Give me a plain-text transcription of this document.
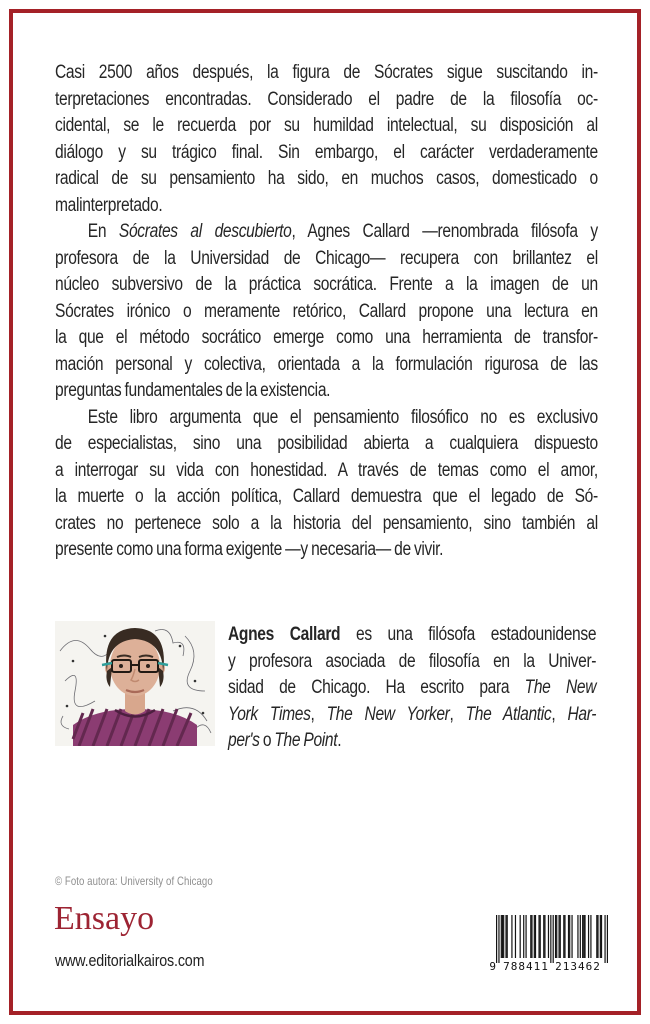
Casi 2500 años después, la figura de Sócrates sigue suscitando in-
terpretaciones encontradas. Considerado el padre de la filosofía oc-
cidental, se le recuerda por su humildad intelectual, su disposición al
diálogo y su trágico final. Sin embargo, el carácter verdaderamente
radical de su pensamiento ha sido, en muchos casos, domesticado o
malinterpretado.
En Sócrates al descubierto, Agnes Callard —renombrada filósofa y
profesora de la Universidad de Chicago— recupera con brillantez el
núcleo subversivo de la práctica socrática. Frente a la imagen de un
Sócrates irónico o meramente retórico, Callard propone una lectura en
la que el método socrático emerge como una herramienta de transfor-
mación personal y colectiva, orientada a la formulación rigurosa de las
preguntas fundamentales de la existencia.
Este libro argumenta que el pensamiento filosófico no es exclusivo
de especialistas, sino una posibilidad abierta a cualquiera dispuesto
a interrogar su vida con honestidad. A través de temas como el amor,
la muerte o la acción política, Callard demuestra que el legado de Só-
crates no pertenece solo a la historia del pensamiento, sino también al
presente como una forma exigente —y necesaria— de vivir.
Agnes Callard es una filósofa estadounidense
y profesora asociada de filosofía en la Univer-
sidad de Chicago. Ha escrito para The New
York Times, The New Yorker, The Atlantic, Har-
per's o The Point.
© Foto autora: University of Chicago
Ensayo
www.editorialkairos.com	9 788411 213462
